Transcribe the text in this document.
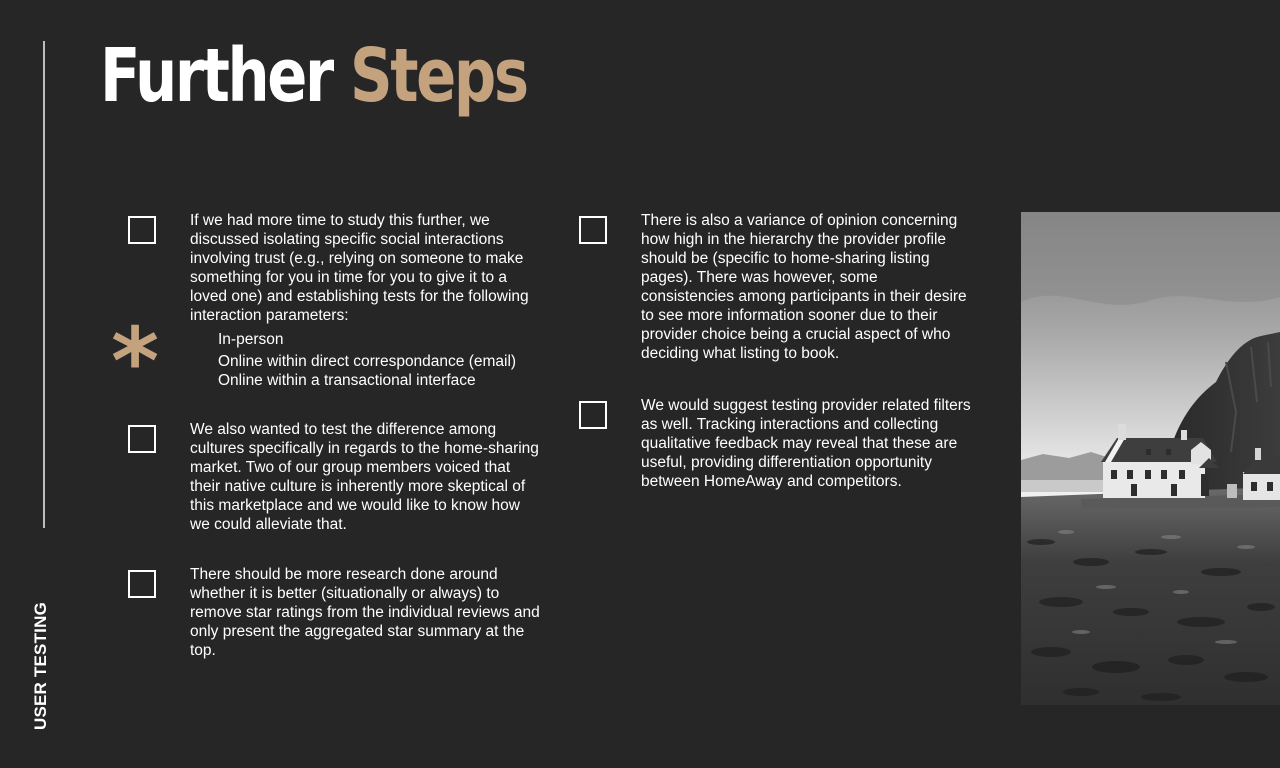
USER TESTING
Further Steps
*

If we had more time to study this further, we discussed isolating specific social interactions involving trust (e.g., relying on someone to make something for you in time for you to give it to a loved one) and establishing tests for the following interaction parameters:

In-person
Online within direct correspondance (email)
Online within a transactional interface

We also wanted to test the difference among cultures specifically in regards to the home-sharing market. Two of our group members voiced that their native culture is inherently more skeptical of this marketplace and we would like to know how we could alleviate that.

There should be more research done around whether it is better (situationally or always) to remove star ratings from the individual reviews and only present the aggregated star summary at the top.

There is also a variance of opinion concerning how high in the hierarchy the provider profile should be (specific to home-sharing listing pages). There was however, some consistencies among participants in their desire to see more information sooner due to their provider choice being a crucial aspect of who deciding what listing to book.

We would suggest testing provider related filters as well. Tracking interactions and collecting qualitative feedback may reveal that these are useful, providing differentiation opportunity between HomeAway and competitors.
